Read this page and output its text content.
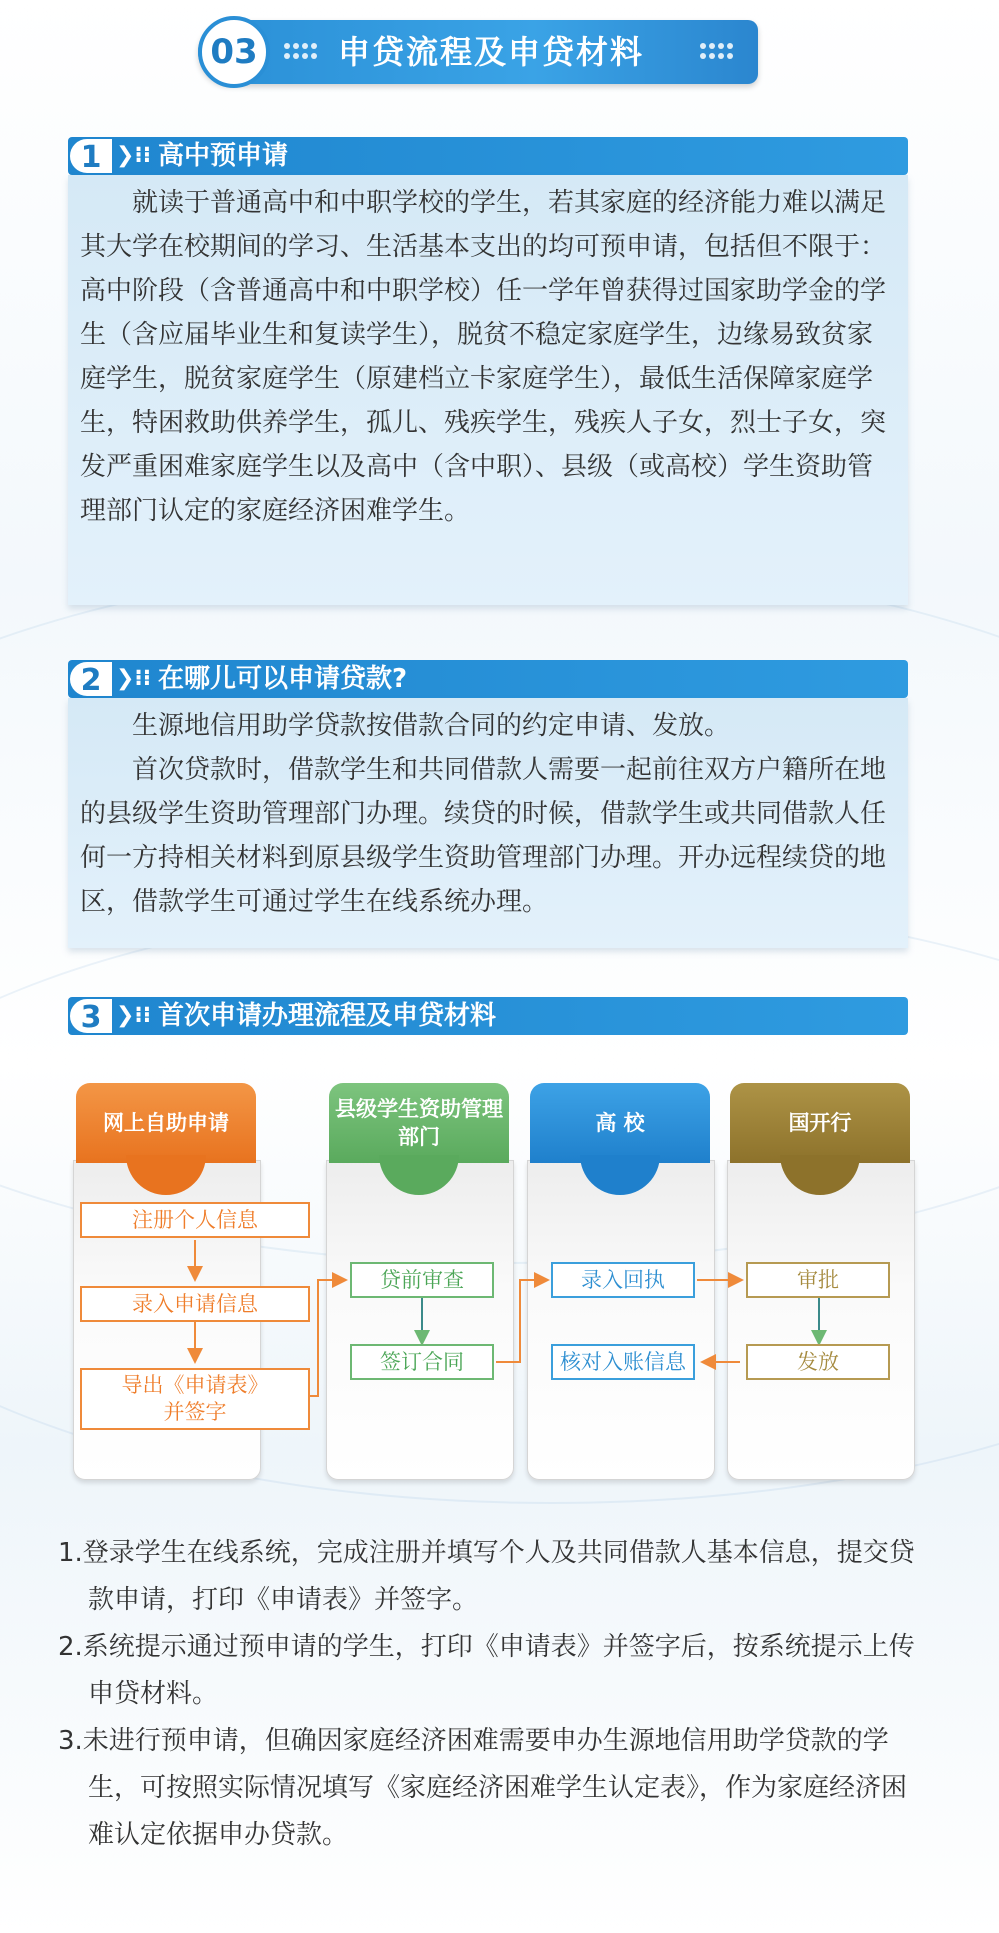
03	申贷流程及申贷材料
1 ❯⁝⁝ 高中预申请

就读于普通高中和中职学校的学生，若其家庭的经济能力难以满足其大学在校期间的学习、生活基本支出的均可预申请，包括但不限于：高中阶段（含普通高中和中职学校）任一学年曾获得过国家助学金的学生（含应届毕业生和复读学生），脱贫不稳定家庭学生，边缘易致贫家庭学生，脱贫家庭学生（原建档立卡家庭学生），最低生活保障家庭学生，特困救助供养学生，孤儿、残疾学生，残疾人子女，烈士子女，突发严重困难家庭学生以及高中（含中职）、县级（或高校）学生资助管理部门认定的家庭经济困难学生。

2 ❯⁝⁝ 在哪儿可以申请贷款?

生源地信用助学贷款按借款合同的约定申请、发放。

首次贷款时，借款学生和共同借款人需要一起前往双方户籍所在地的县级学生资助管理部门办理。续贷的时候，借款学生或共同借款人任何一方持相关材料到原县级学生资助管理部门办理。开办远程续贷的地区，借款学生可通过学生在线系统办理。

3 ❯⁝⁝ 首次申请办理流程及申贷材料
网上自助申请
县级学生资助管理部门
高 校	国开行
注册个人信息
录入申请信息
导出《申请表》
并签字
贷前审查
签订合同
录入回执
核对入账信息
审批
发放
1.登录学生在线系统，完成注册并填写个人及共同借款人基本信息，提交贷款申请，打印《申请表》并签字。
2.系统提示通过预申请的学生，打印《申请表》并签字后，按系统提示上传申贷材料。
3.未进行预申请，但确因家庭经济困难需要申办生源地信用助学贷款的学生，可按照实际情况填写《家庭经济困难学生认定表》，作为家庭经济困难认定依据申办贷款。
